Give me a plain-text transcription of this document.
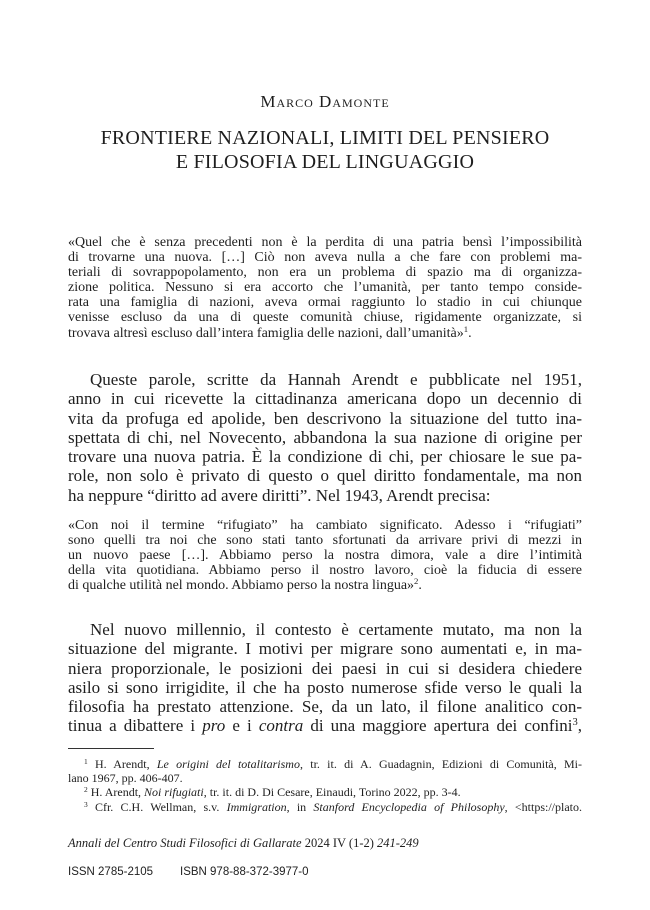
Marco Damonte
FRONTIERE NAZIONALI, LIMITI DEL PENSIERO
E FILOSOFIA DEL LINGUAGGIO
«Quel che è senza precedenti non è la perdita di una patria bensì l’impossibilità
di trovarne una nuova. […] Ciò non aveva nulla a che fare con problemi ma-
teriali di sovrappopolamento, non era un problema di spazio ma di organizza-
zione politica. Nessuno si era accorto che l’umanità, per tanto tempo conside-
rata una famiglia di nazioni, aveva ormai raggiunto lo stadio in cui chiunque
venisse escluso da una di queste comunità chiuse, rigidamente organizzate, si
trovava altresì escluso dall’intera famiglia delle nazioni, dall’umanità»$^1$.
Queste parole, scritte da Hannah Arendt e pubblicate nel 1951,
anno in cui ricevette la cittadinanza americana dopo un decennio di
vita da profuga ed apolide, ben descrivono la situazione del tutto ina-
spettata di chi, nel Novecento, abbandona la sua nazione di origine per
trovare una nuova patria. È la condizione di chi, per chiosare le sue pa-
role, non solo è privato di questo o quel diritto fondamentale, ma non
ha neppure “diritto ad avere diritti”. Nel 1943, Arendt precisa:
«Con noi il termine “rifugiato” ha cambiato significato. Adesso i “rifugiati”
sono quelli tra noi che sono stati tanto sfortunati da arrivare privi di mezzi in
un nuovo paese […]. Abbiamo perso la nostra dimora, vale a dire l’intimità
della vita quotidiana. Abbiamo perso il nostro lavoro, cioè la fiducia di essere
di qualche utilità nel mondo. Abbiamo perso la nostra lingua»$^2$.
Nel nuovo millennio, il contesto è certamente mutato, ma non la
situazione del migrante. I motivi per migrare sono aumentati e, in ma-
niera proporzionale, le posizioni dei paesi in cui si desidera chiedere
asilo si sono irrigidite, il che ha posto numerose sfide verso le quali la
filosofia ha prestato attenzione. Se, da un lato, il filone analitico con-
tinua a dibattere i pro e i contra di una maggiore apertura dei confini$^3$,
$^1$ H. Arendt, Le origini del totalitarismo, tr. it. di A. Guadagnin, Edizioni di Comunità, Mi-
lano 1967, pp. 406-407.
$^2$ H. Arendt, Noi rifugiati, tr. it. di D. Di Cesare, Einaudi, Torino 2022, pp. 3-4.
$^3$ Cfr. C.H. Wellman, s.v. Immigration, in Stanford Encyclopedia of Philosophy, <https://plato.
Annali del Centro Studi Filosofici di Gallarate 2024 IV (1-2) 241-249
ISSN 2785-2105 ISBN 978-88-372-3977-0
